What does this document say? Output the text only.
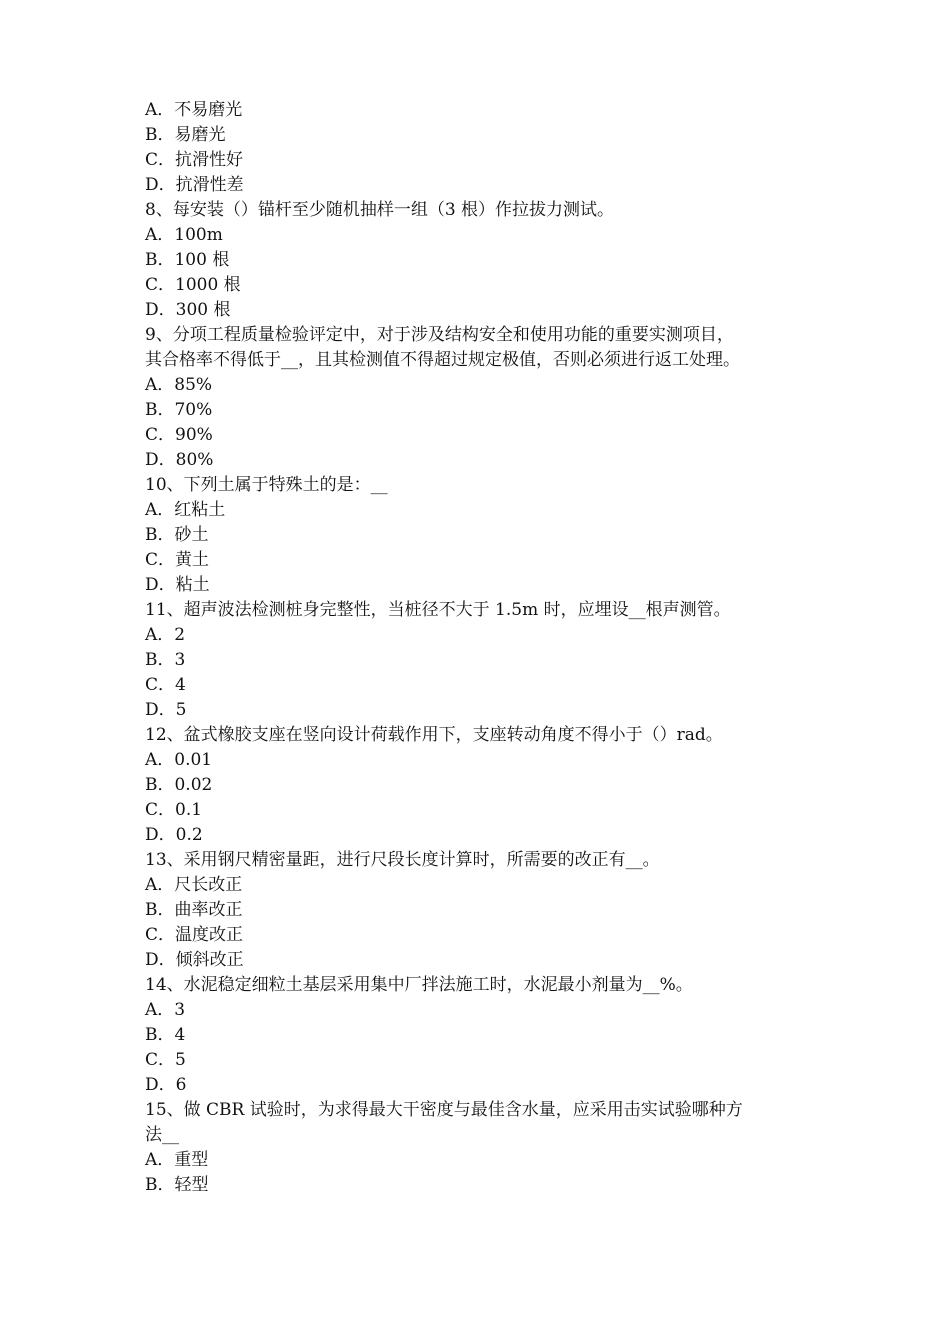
A．不易磨光
B．易磨光
C．抗滑性好
D．抗滑性差
8、每安装（）锚杆至少随机抽样一组（3 根）作拉拔力测试。
A．100m
B．100 根
C．1000 根
D．300 根
9、分项工程质量检验评定中，对于涉及结构安全和使用功能的重要实测项目，
其合格率不得低于__，且其检测值不得超过规定极值，否则必须进行返工处理。
A．85%
B．70%
C．90%
D．80%
10、下列土属于特殊土的是：__
A．红粘土
B．砂土
C．黄土
D．粘土
11、超声波法检测桩身完整性，当桩径不大于 1.5m 时，应埋设__根声测管。
A．2
B．3
C．4
D．5
12、盆式橡胶支座在竖向设计荷载作用下，支座转动角度不得小于（）rad。
A．0.01
B．0.02
C．0.1
D．0.2
13、采用钢尺精密量距，进行尺段长度计算时，所需要的改正有__。
A．尺长改正
B．曲率改正
C．温度改正
D．倾斜改正
14、水泥稳定细粒土基层采用集中厂拌法施工时，水泥最小剂量为__%。
A．3
B．4
C．5
D．6
15、做 CBR 试验时，为求得最大干密度与最佳含水量，应采用击实试验哪种方
法__
A．重型
B．轻型
